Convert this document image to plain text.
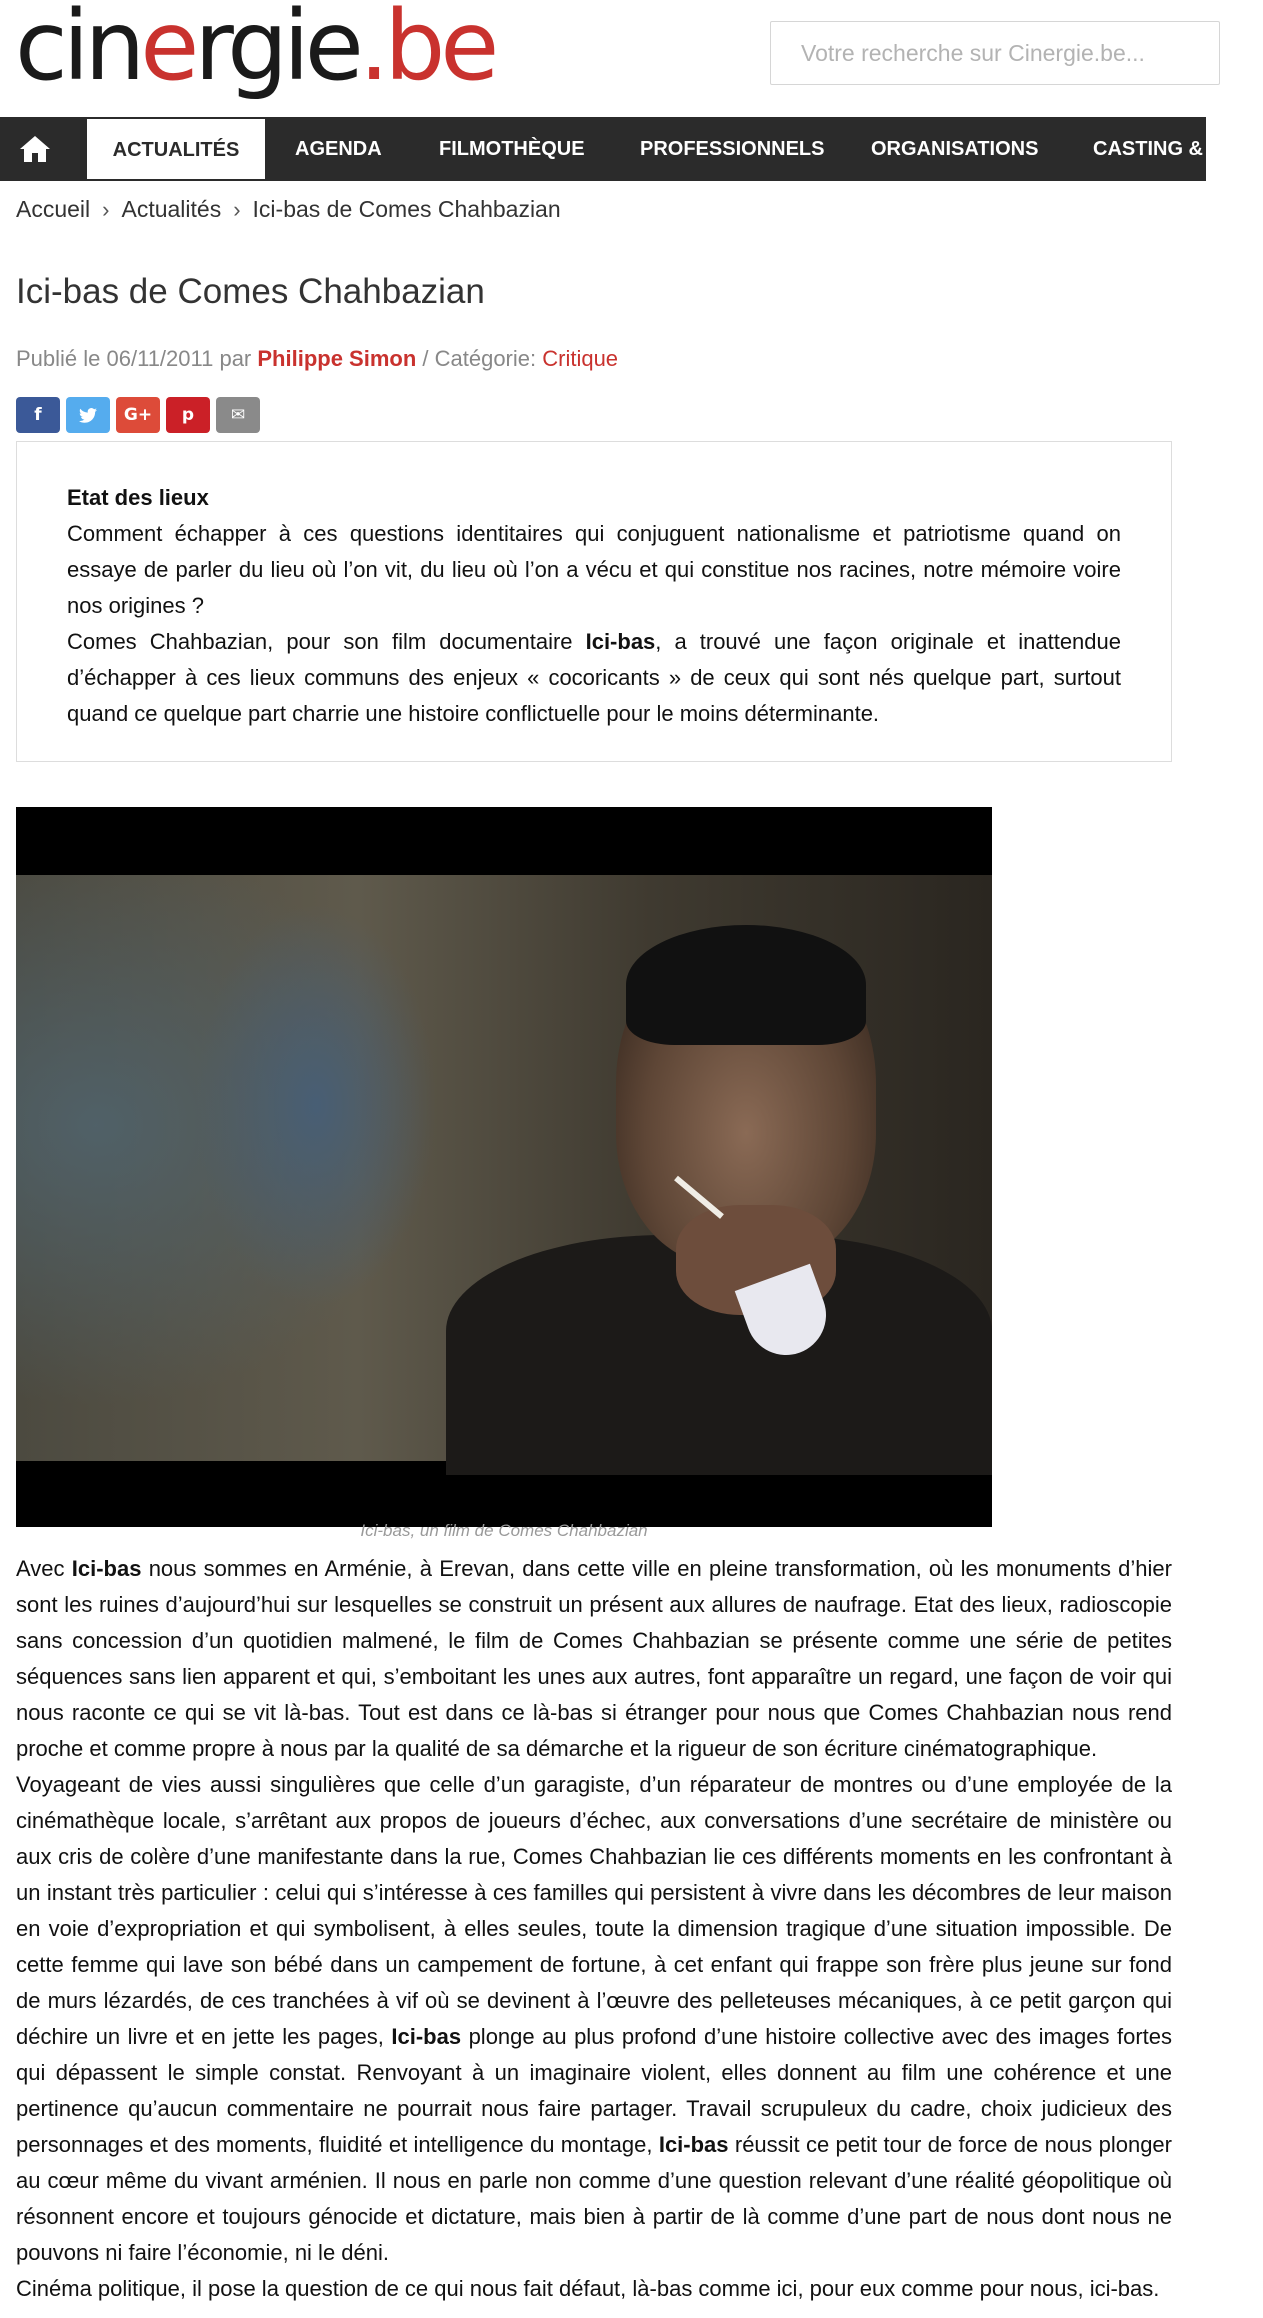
cinergie.be
Votre recherche sur Cinergie.be...
ACTUALITÉS	AGENDA	FILMOTHÈQUE	PROFESSIONNELS ORGANISATIONS	CASTING & JOBS
Accueil › Actualités › Ici-bas de Comes Chahbazian
Ici-bas de Comes Chahbazian
Publié le 06/11/2011 par Philippe Simon / Catégorie: Critique
f	G+ p ✉

Etat des lieux

Comment échapper à ces questions identitaires qui conjuguent nationalisme et patriotisme quand on essaye de parler du lieu où l’on vit, du lieu où l’on a vécu et qui constitue nos racines, notre mémoire voire nos origines ?

Comes Chahbazian, pour son film documentaire Ici-bas, a trouvé une façon originale et inattendue d’échapper à ces lieux communs des enjeux « cocoricants » de ceux qui sont nés quelque part, surtout quand ce quelque part charrie une histoire conflictuelle pour le moins déterminante.

Ici-bas, un film de Comes Chahbazian

Avec Ici-bas nous sommes en Arménie, à Erevan, dans cette ville en pleine transformation, où les monuments d’hier sont les ruines d’aujourd’hui sur lesquelles se construit un présent aux allures de naufrage. Etat des lieux, radioscopie sans concession d’un quotidien malmené, le film de Comes Chahbazian se présente comme une série de petites séquences sans lien apparent et qui, s’emboitant les unes aux autres, font apparaître un regard, une façon de voir qui nous raconte ce qui se vit là-bas. Tout est dans ce là-bas si étranger pour nous que Comes Chahbazian nous rend proche et comme propre à nous par la qualité de sa démarche et la rigueur de son écriture cinématographique.

Voyageant de vies aussi singulières que celle d’un garagiste, d’un réparateur de montres ou d’une employée de la cinémathèque locale, s’arrêtant aux propos de joueurs d’échec, aux conversations d’une secrétaire de ministère ou aux cris de colère d’une manifestante dans la rue, Comes Chahbazian lie ces différents moments en les confrontant à un instant très particulier : celui qui s’intéresse à ces familles qui persistent à vivre dans les décombres de leur maison en voie d’expropriation et qui symbolisent, à elles seules, toute la dimension tragique d’une situation impossible. De cette femme qui lave son bébé dans un campement de fortune, à cet enfant qui frappe son frère plus jeune sur fond de murs lézardés, de ces tranchées à vif où se devinent à l’œuvre des pelleteuses mécaniques, à ce petit garçon qui déchire un livre et en jette les pages, Ici-bas plonge au plus profond d’une histoire collective avec des images fortes qui dépassent le simple constat. Renvoyant à un imaginaire violent, elles donnent au film une cohérence et une pertinence qu’aucun commentaire ne pourrait nous faire partager. Travail scrupuleux du cadre, choix judicieux des personnages et des moments, fluidité et intelligence du montage, Ici-bas réussit ce petit tour de force de nous plonger au cœur même du vivant arménien. Il nous en parle non comme d’une question relevant d’une réalité géopolitique où résonnent encore et toujours génocide et dictature, mais bien à partir de là comme d’une part de nous dont nous ne pouvons ni faire l’économie, ni le déni.

Cinéma politique, il pose la question de ce qui nous fait défaut, là-bas comme ici, pour eux comme pour nous, ici-bas.
